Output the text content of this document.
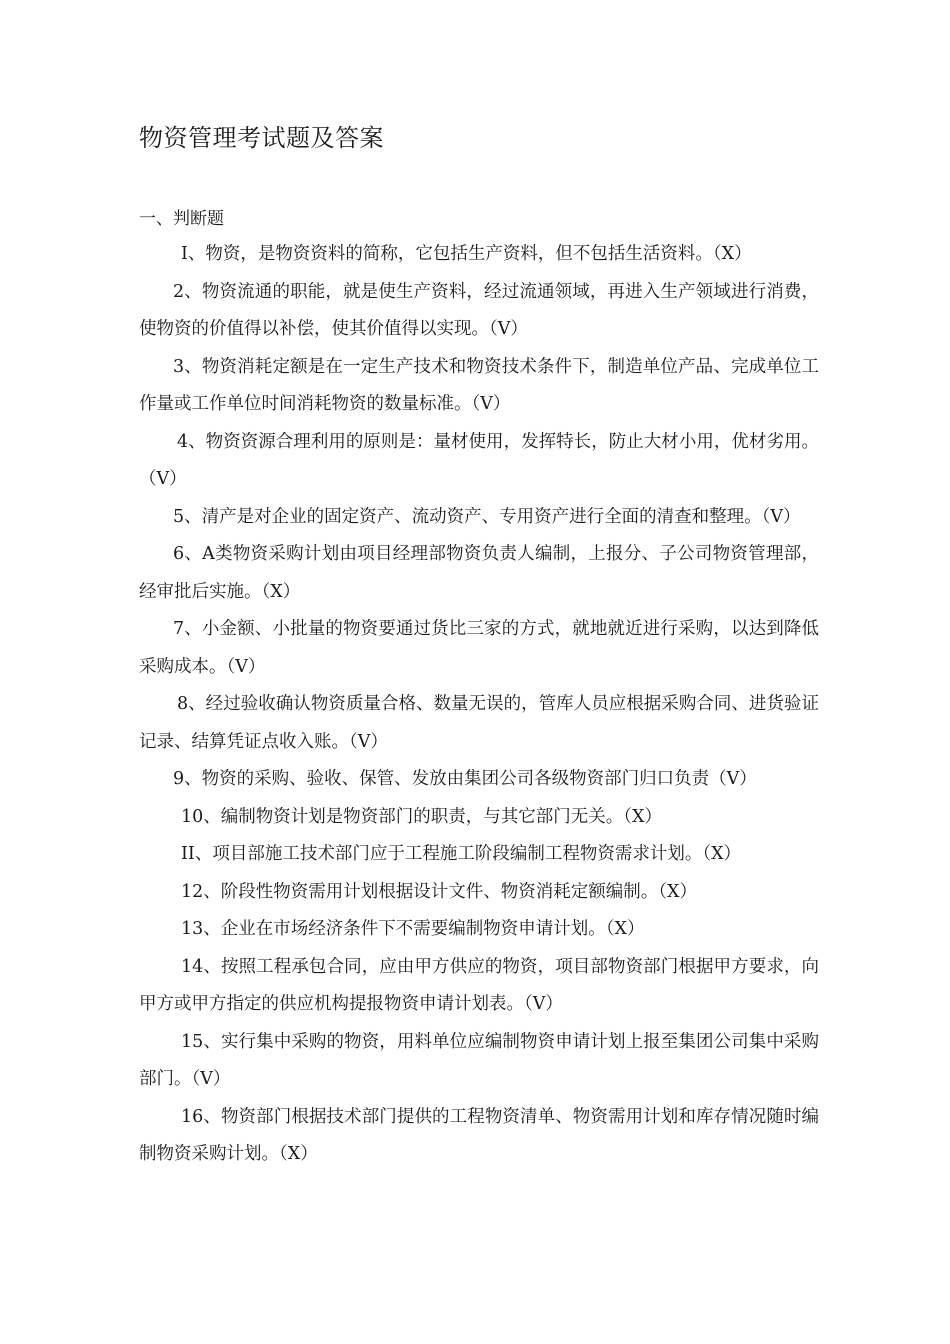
物资管理考试题及答案
一、判断题
I、物资，是物资资料的简称，它包括生产资料，但不包括生活资料。（X）
2、物资流通的职能，就是使生产资料，经过流通领域，再进入生产领域进行消费，使物资的价值得以补偿，使其价值得以实现。（V）
3、物资消耗定额是在一定生产技术和物资技术条件下，制造单位产品、完成单位工作量或工作单位时间消耗物资的数量标准。（V）
4、物资资源合理利用的原则是：量材使用，发挥特长，防止大材小用，优材劣用。（V）
5、清产是对企业的固定资产、流动资产、专用资产进行全面的清查和整理。（V）
6、A类物资采购计划由项目经理部物资负责人编制，上报分、子公司物资管理部，经审批后实施。（X）
7、小金额、小批量的物资要通过货比三家的方式，就地就近进行采购，以达到降低采购成本。（V）
8、经过验收确认物资质量合格、数量无误的，管库人员应根据采购合同、进货验证记录、结算凭证点收入账。（V）
9、物资的采购、验收、保管、发放由集团公司各级物资部门归口负责（V）
10、编制物资计划是物资部门的职责，与其它部门无关。（X）
II、项目部施工技术部门应于工程施工阶段编制工程物资需求计划。（X）
12、阶段性物资需用计划根据设计文件、物资消耗定额编制。（X）
13、企业在市场经济条件下不需要编制物资申请计划。（X）
14、按照工程承包合同，应由甲方供应的物资，项目部物资部门根据甲方要求，向甲方或甲方指定的供应机构提报物资申请计划表。（V）
15、实行集中采购的物资，用料单位应编制物资申请计划上报至集团公司集中采购部门。（V）
16、物资部门根据技术部门提供的工程物资清单、物资需用计划和库存情况随时编制物资采购计划。（X）
